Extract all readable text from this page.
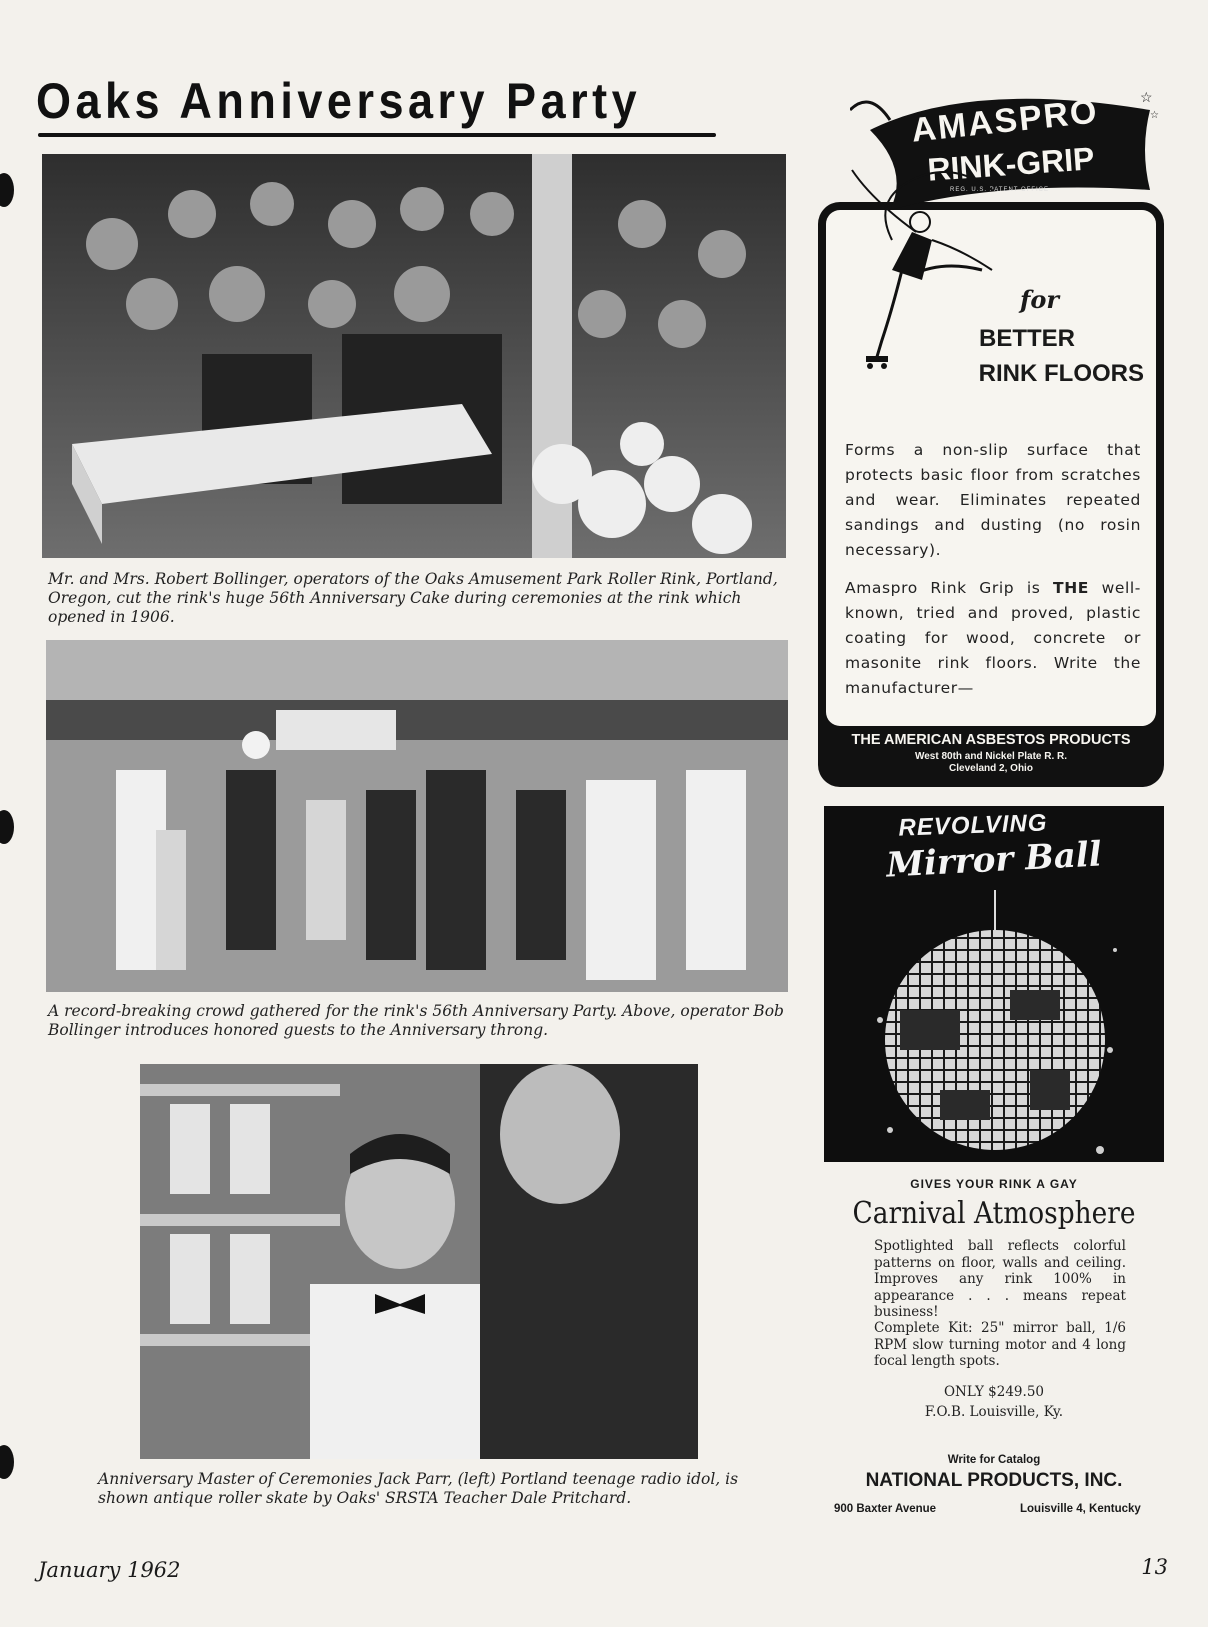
Oaks Anniversary Party
Mr. and Mrs. Robert Bollinger, operators of the Oaks Amusement Park Roller Rink, Portland, Oregon, cut the rink's huge 56th Anniversary Cake during ceremonies at the rink which opened in 1906.
A record-breaking crowd gathered for the rink's 56th Anniversary Party. Above, operator Bob Bollinger introduces honored guests to the Anniversary throng.
Anniversary Master of Ceremonies Jack Parr, (left) Portland teenage radio idol, is shown antique roller skate by Oaks' SRSTA Teacher Dale Pritchard.
☆
☆
AMASPRO
RINK-GRIP
REG. U.S. PATENT OFFICE
for
BETTER
RINK FLOORS
Forms a non-slip surface that protects basic floor from scratches and wear. Eliminates repeated sandings and dusting (no rosin necessary).
Amaspro Rink Grip is THE well-known, tried and proved, plastic coating for wood, concrete or masonite rink floors. Write the manufacturer—
THE AMERICAN ASBESTOS PRODUCTS
West 80th and Nickel Plate R. R.
Cleveland 2, Ohio
REVOLVING
Mirror Ball
GIVES YOUR RINK A GAY
Carnival Atmosphere
Spotlighted ball reflects colorful patterns on floor, walls and ceiling. Improves any rink 100% in appearance . . . means repeat business!
Complete Kit: 25" mirror ball, 1/6 RPM slow turning motor and 4 long focal length spots.
ONLY $249.50
F.O.B. Louisville, Ky.
Write for Catalog
NATIONAL PRODUCTS, INC.
900 Baxter Avenue	Louisville 4, Kentucky
January 1962	13
